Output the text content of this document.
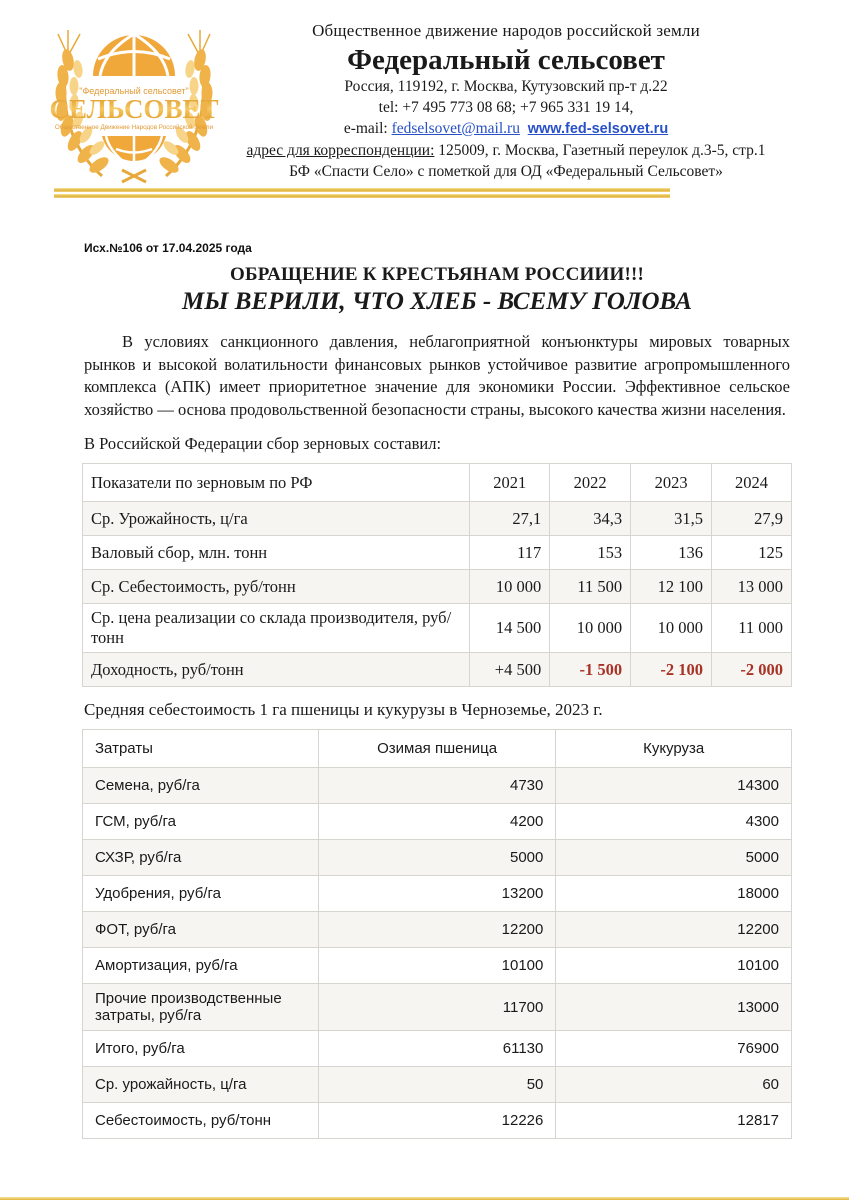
"Федеральный сельсовет"
СЕЛЬСОВЕТ
Общественное Движение Народов Российской Земли
Общественное движение народов российской земли
Федеральный сельсовет
Россия, 119192, г. Москва, Кутузовский пр-т д.22
tel: +7 495 773 08 68; +7 965 331 19 14,
e-mail: fedselsovet@mail.ru www.fed-selsovet.ru
адрес для корреспонденции: 125009, г. Москва, Газетный переулок д.3-5, стр.1
БФ «Спасти Село» с пометкой для ОД «Федеральный Сельсовет»
Исх.№106 от 17.04.2025 года
ОБРАЩЕНИЕ К КРЕСТЬЯНАМ РОССИИИ!!!
МЫ ВЕРИЛИ, ЧТО ХЛЕБ - ВСЕМУ ГОЛОВА
В условиях санкционного давления, неблагоприятной конъюнктуры мировых товарных рынков и высокой волатильности финансовых рынков устойчивое развитие агропромышленного комплекса (АПК) имеет приоритетное значение для экономики России. Эффективное сельское хозяйство — основа продовольственной безопасности страны, высокого качества жизни населения.
В Российской Федерации сбор зерновых составил:
Показатели по зерновым по РФ	2021	2022	2023	2024
Ср. Урожайность, ц/га	27,1	34,3	31,5	27,9
Валовый сбор, млн. тонн	117	153	136	125
Ср. Себестоимость, руб/тонн	10 000	11 500	12 100	13 000
Ср. цена реализации со склада производителя, руб/тонн	14 500	10 000	10 000	11 000
Доходность, руб/тонн	+4 500	-1 500	-2 100	-2 000
Средняя себестоимость 1 га пшеницы и кукурузы в Черноземье, 2023 г.
Затраты	Озимая пшеница	Кукуруза
Семена, руб/га	4730	14300
ГСМ, руб/га	4200	4300
СХЗР, руб/га	5000	5000
Удобрения, руб/га	13200	18000
ФОТ, руб/га	12200	12200
Амортизация, руб/га	10100	10100
Прочие производственные затраты, руб/га	11700	13000
Итого, руб/га	61130	76900
Ср. урожайность, ц/га	50	60
Себестоимость, руб/тонн	12226	12817
